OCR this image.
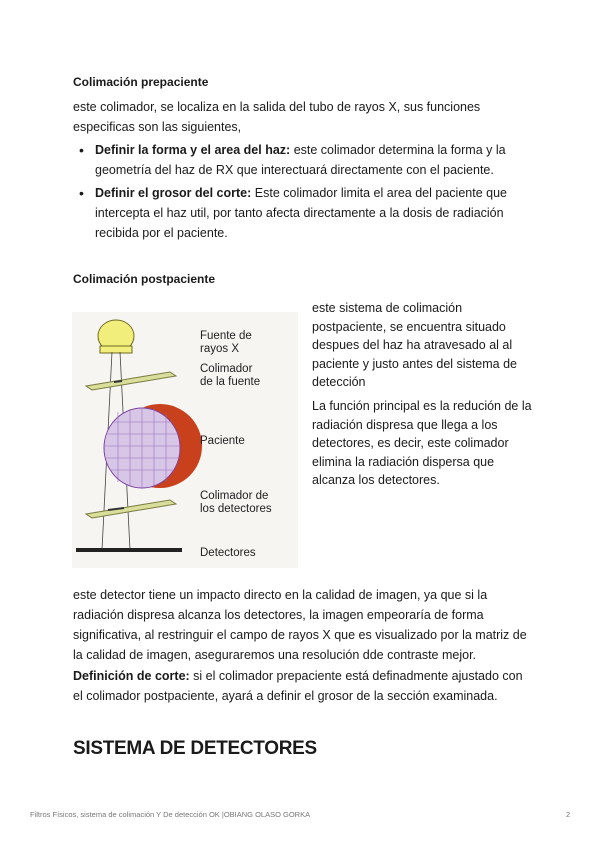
Colimación prepaciente
este colimador, se localiza en la salida del tubo de rayos X, sus funciones especificas son las siguientes,
• Definir la forma y el area del haz: este colimador determina la forma y la geometría del haz de RX que interectuará directamente con el paciente.
• Definir el grosor del corte: Este colimador limita el area del paciente que intercepta el haz util, por tanto afecta directamente a la dosis de radiación recibida por el paciente.
Colimación postpaciente
Fuente de
rayos X
Colimador
de la fuente
Paciente
Colimador de
los detectores
Detectores
este sistema de colimación postpaciente, se encuentra situado despues del haz ha atravesado al al paciente y justo antes del sistema de detección
La función principal es la redución de la radiación dispresa que llega a los detectores, es decir, este colimador elimina la radiación dispersa que alcanza los detectores.
este detector tiene un impacto directo en la calidad de imagen, ya que si la radiación dispresa alcanza los detectores, la imagen empeoraría de forma significativa, al restringuir el campo de rayos X que es visualizado por la matriz de la calidad de imagen, aseguraremos una resolución dde contraste mejor.
Definición de corte: si el colimador prepaciente está definadmente ajustado con el colimador postpaciente, ayará a definir el grosor de la sección examinada.
SISTEMA DE DETECTORES
Filtros Físicos, sistema de colimación Y De detección OK |OBIANG OLASO GORKA	2
